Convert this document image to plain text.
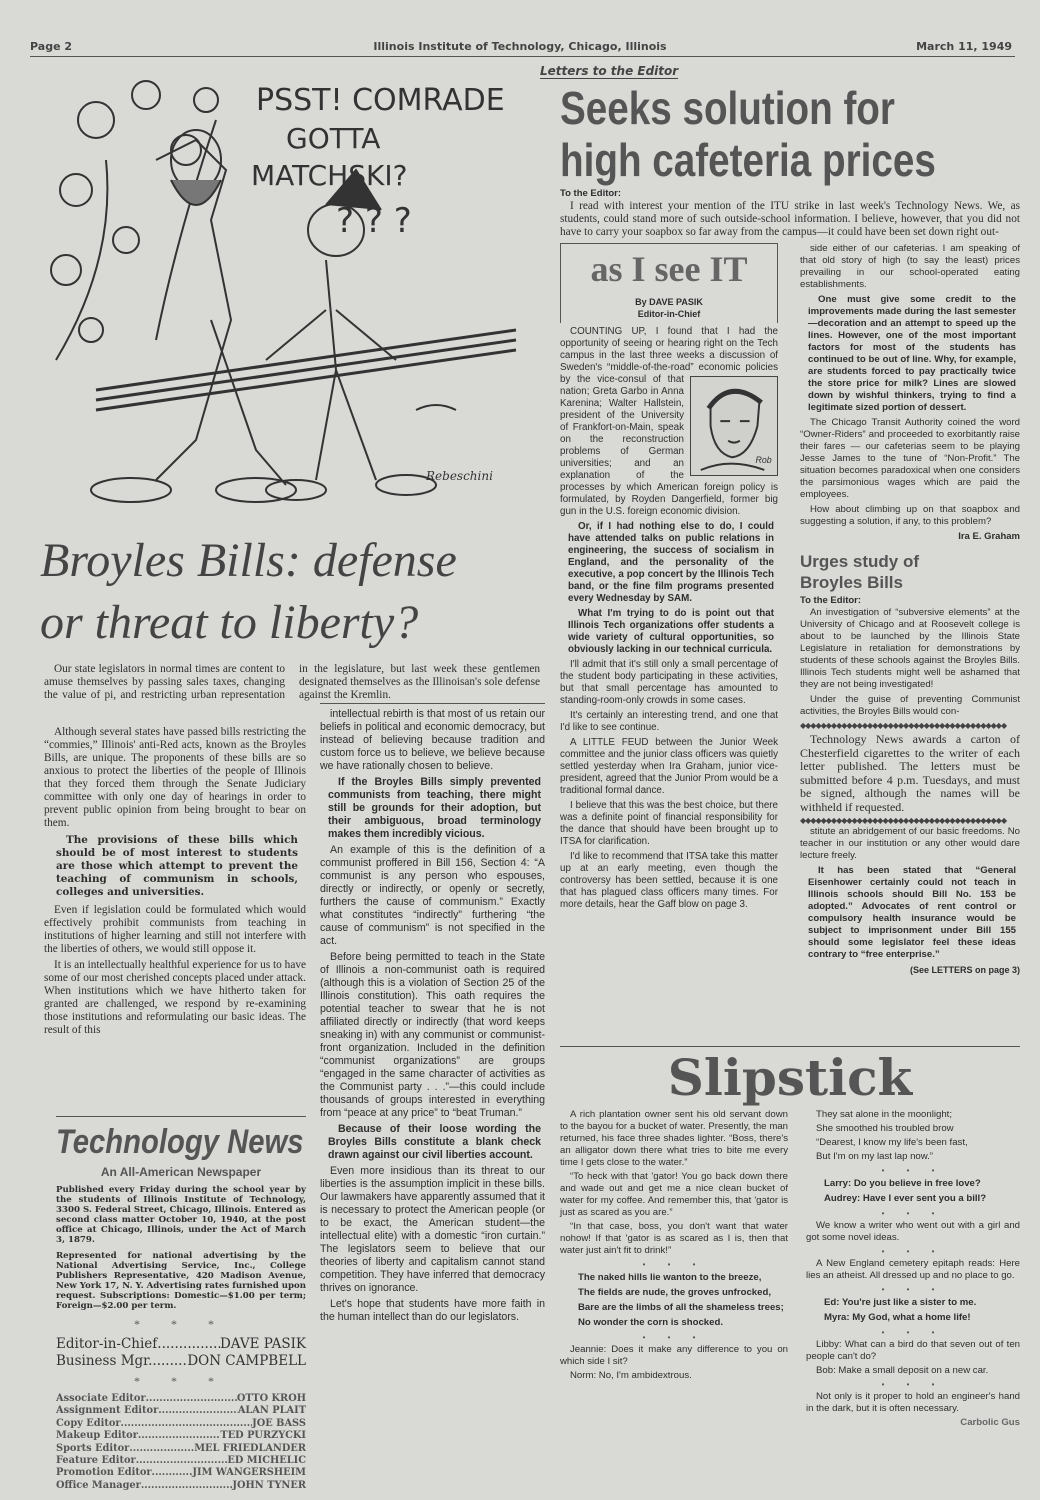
Page 2	Illinois Institute of Technology, Chicago, Illinois	March 11, 1949
PSST! COMRADE
GOTTA
MATCHSKI?
? ? ?
Rebeschini
Broyles Bills: defense
or threat to liberty?

Our state legislators in normal times are content to amuse themselves by passing sales taxes, changing the value of pi, and restricting urban representation in the legislature, but last week these gentlemen designated themselves as the Illinoisan's sole defense against the Kremlin.

Although several states have passed bills restricting the “commies,” Illinois' anti-Red acts, known as the Broyles Bills, are unique. The proponents of these bills are so anxious to protect the liberties of the people of Illinois that they forced them through the Senate Judiciary committee with only one day of hearings in order to prevent public opinion from being brought to bear on them.

The provisions of these bills which should be of most interest to students are those which attempt to prevent the teaching of communism in schools, colleges and universities.

Even if legislation could be formulated which would effectively prohibit communists from teaching in institutions of higher learning and still not interfere with the liberties of others, we would still oppose it.

It is an intellectually healthful experience for us to have some of our most cherished concepts placed under attack. When institutions which we have hitherto taken for granted are challenged, we respond by re-examining those institutions and reformulating our basic ideas. The result of this

Technology News
An All-American Newspaper

Published every Friday during the school year by the students of Illinois Institute of Technology, 3300 S. Federal Street, Chicago, Illinois. Entered as second class matter October 10, 1940, at the post office at Chicago, Illinois, under the Act of March 3, 1879.

Represented for national advertising by the National Advertising Service, Inc., College Publishers Representative, 420 Madison Avenue, New York 17, N. Y. Advertising rates furnished upon request. Subscriptions: Domestic—$1.00 per term; Foreign—$2.00 per term.

* * *
Editor-in-Chief .....	DAVE PASIK
Business Mgr. .....	DON CAMPBELL
* * *
Associate Editor .....	OTTO KROH
Assignment Editor .....	ALAN PLAIT
Copy Editor .....	JOE BASS
Makeup Editor .....	TED PURZYCKI
Sports Editor .....	MEL FRIEDLANDER
Feature Editor .....	ED MICHELIC
Promotion Editor .....	JIM WANGERSHEIM
Office Manager .....	JOHN TYNER

intellectual rebirth is that most of us retain our beliefs in political and economic democracy, but instead of believing because tradition and custom force us to believe, we believe because we have rationally chosen to believe.

If the Broyles Bills simply prevented communists from teaching, there might still be grounds for their adoption, but their ambiguous, broad terminology makes them incredibly vicious.

An example of this is the definition of a communist proffered in Bill 156, Section 4: “A communist is any person who espouses, directly or indirectly, or openly or secretly, furthers the cause of communism.” Exactly what constitutes “indirectly” furthering “the cause of communism” is not specified in the act.

Before being permitted to teach in the State of Illinois a non-communist oath is required (although this is a violation of Section 25 of the Illinois constitution). This oath requires the potential teacher to swear that he is not affiliated directly or indirectly (that word keeps sneaking in) with any communist or communist-front organization. Included in the definition “communist organizations” are groups “engaged in the same character of activities as the Communist party . . .”—this could include thousands of groups interested in everything from “peace at any price” to “beat Truman.”

Because of their loose wording the Broyles Bills constitute a blank check drawn against our civil liberties account.

Even more insidious than its threat to our liberties is the assumption implicit in these bills. Our lawmakers have apparently assumed that it is necessary to protect the American people (or to be exact, the American student—the intellectual elite) with a domestic “iron curtain.” The legislators seem to believe that our theories of liberty and capitalism cannot stand competition. They have inferred that democracy thrives on ignorance.

Let's hope that students have more faith in the human intellect than do our legislators.

Letters to the Editor
Seeks solution for
high cafeteria prices
To the Editor:

I read with interest your mention of the ITU strike in last week's Technology News. We, as students, could stand more of such outside-school information. I believe, however, that you did not have to carry your soapbox so far away from the campus—it could have been set down right out-

as I see IT
By DAVE PASIK
Editor-in-Chief
Rob

COUNTING UP, I found that I had the opportunity of seeing or hearing right on the Tech campus in the last three weeks a discussion of Sweden's “middle-of-the-road” economic policies by the vice-consul of that nation; Greta Garbo in Anna Karenina; Walter Hallstein, president of the University of Frankfort-on-Main, speak on the reconstruction problems of German universities; and an explanation of the processes by which American foreign policy is formulated, by Royden Dangerfield, former big gun in the U.S. foreign economic division.

Or, if I had nothing else to do, I could have attended talks on public relations in engineering, the success of socialism in England, and the personality of the executive, a pop concert by the Illinois Tech band, or the fine film programs presented every Wednesday by SAM.

What I'm trying to do is point out that Illinois Tech organizations offer students a wide variety of cultural opportunities, so obviously lacking in our technical curricula.

I'll admit that it's still only a small percentage of the student body participating in these activities, but that small percentage has amounted to standing-room-only crowds in some cases.

It's certainly an interesting trend, and one that I'd like to see continue.

A LITTLE FEUD between the Junior Week committee and the junior class officers was quietly settled yesterday when Ira Graham, junior vice-president, agreed that the Junior Prom would be a traditional formal dance.

I believe that this was the best choice, but there was a definite point of financial responsibility for the dance that should have been brought up to ITSA for clarification.

I'd like to recommend that ITSA take this matter up at an early meeting, even though the controversy has been settled, because it is one that has plagued class officers many times. For more details, hear the Gaff blow on page 3.

side either of our cafeterias. I am speaking of that old story of high (to say the least) prices prevailing in our school-operated eating establishments.

One must give some credit to the improvements made during the last semester—decoration and an attempt to speed up the lines. However, one of the most important factors for most of the students has continued to be out of line. Why, for example, are students forced to pay practically twice the store price for milk? Lines are slowed down by wishful thinkers, trying to find a legitimate sized portion of dessert.

The Chicago Transit Authority coined the word “Owner-Riders” and proceeded to exorbitantly raise their fares — our cafeterias seem to be playing Jesse James to the tune of “Non-Profit.” The situation becomes paradoxical when one considers the parsimonious wages which are paid the employees.

How about climbing up on that soapbox and suggesting a solution, if any, to this problem?

Ira E. Graham
Urges study of
Broyles Bills
To the Editor:

An investigation of “subversive elements” at the University of Chicago and at Roosevelt college is about to be launched by the Illinois State Legislature in retaliation for demonstrations by students of these schools against the Broyles Bills. Illinois Tech students might well be ashamed that they are not being investigated!

Under the guise of preventing Communist activities, the Broyles Bills would con-

◆◆◆◆◆◆◆◆◆◆◆◆◆◆◆◆◆◆◆◆◆◆◆◆◆◆◆◆◆◆◆◆◆◆◆◆◆◆◆◆

Technology News awards a carton of Chesterfield cigarettes to the writer of each letter published. The letters must be submitted before 4 p.m. Tuesdays, and must be signed, although the names will be withheld if requested.

◆◆◆◆◆◆◆◆◆◆◆◆◆◆◆◆◆◆◆◆◆◆◆◆◆◆◆◆◆◆◆◆◆◆◆◆◆◆◆◆

stitute an abridgement of our basic freedoms. No teacher in our institution or any other would dare lecture freely.

It has been stated that “General Eisenhower certainly could not teach in Illinois schools should Bill No. 153 be adopted.” Advocates of rent control or compulsory health insurance would be subject to imprisonment under Bill 155 should some legislator feel these ideas contrary to “free enterprise.”

(See LETTERS on page 3)
Slipstick

A rich plantation owner sent his old servant down to the bayou for a bucket of water. Presently, the man returned, his face three shades lighter. “Boss, there's an alligator down there what tries to bite me every time I gets close to the water.”

“To heck with that 'gator! You go back down there and wade out and get me a nice clean bucket of water for my coffee. And remember this, that 'gator is just as scared as you are.”

“In that case, boss, you don't want that water nohow! If that 'gator is as scared as I is, then that water just ain't fit to drink!”

• • •

The naked hills lie wanton to the breeze,

The fields are nude, the groves unfrocked,

Bare are the limbs of all the shameless trees;

No wonder the corn is shocked.

• • •

Jeannie: Does it make any difference to you on which side I sit?

Norm: No, I'm ambidextrous.

They sat alone in the moonlight;

She smoothed his troubled brow

“Dearest, I know my life's been fast,

But I'm on my last lap now.”

• • •

Larry: Do you believe in free love?

Audrey: Have I ever sent you a bill?

• • •

We know a writer who went out with a girl and got some novel ideas.

• • •

A New England cemetery epitaph reads: Here lies an atheist. All dressed up and no place to go.

• • •

Ed: You're just like a sister to me.

Myra: My God, what a home life!

• • •

Libby: What can a bird do that seven out of ten people can't do?

Bob: Make a small deposit on a new car.

• • •

Not only is it proper to hold an engineer's hand in the dark, but it is often necessary.

Carbolic Gus
